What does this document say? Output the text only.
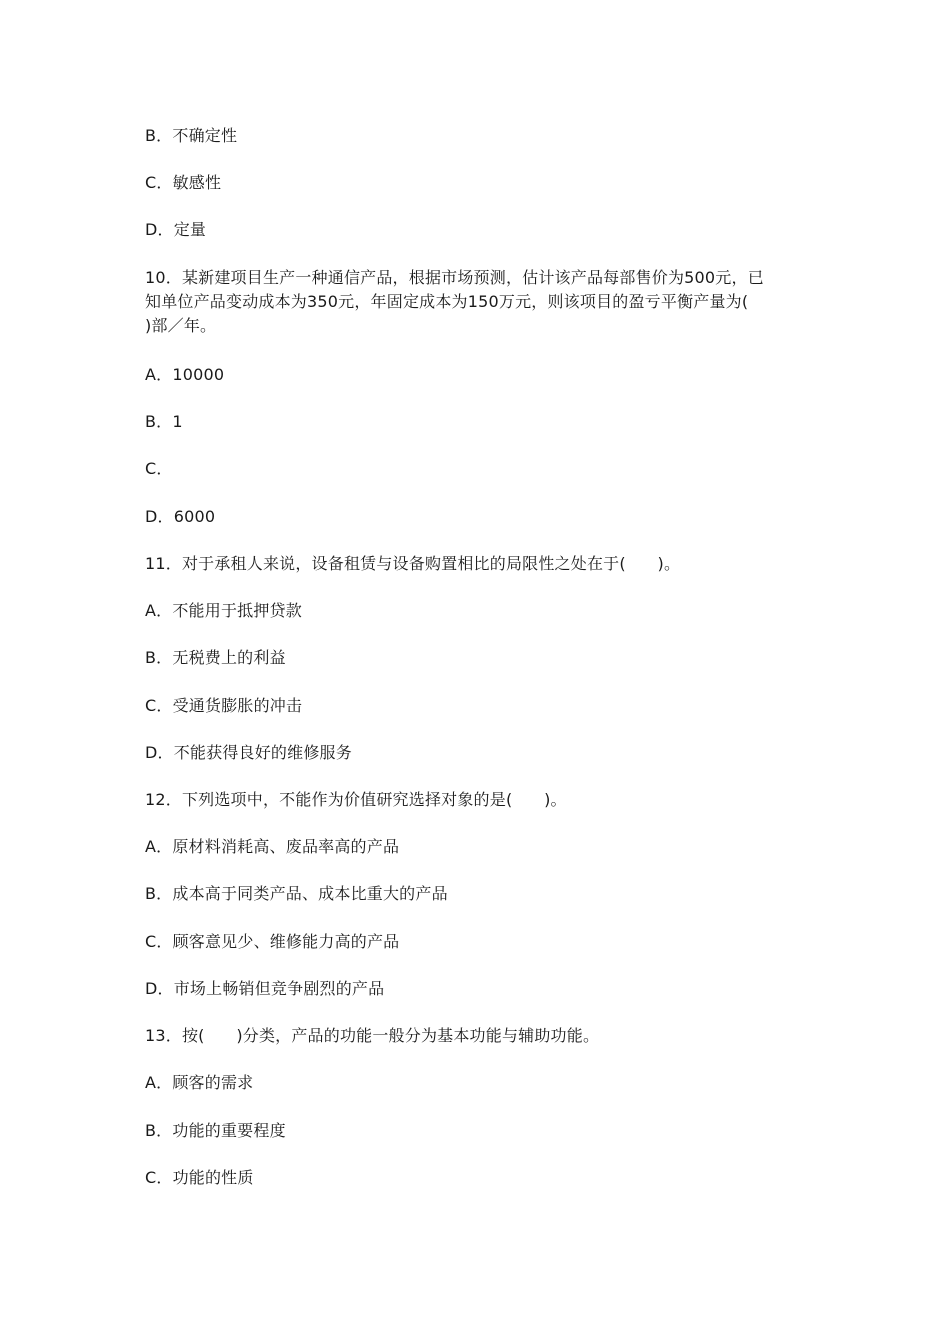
B．不确定性
C．敏感性
D．定量
10．某新建项目生产一种通信产品，根据市场预测，估计该产品每部售价为500元，已
知单位产品变动成本为350元，年固定成本为150万元，则该项目的盈亏平衡产量为(
)部／年。
A．10000
B．1
C．
D．6000
11．对于承租人来说，设备租赁与设备购置相比的局限性之处在于(      )。
A．不能用于抵押贷款
B．无税费上的利益
C．受通货膨胀的冲击
D．不能获得良好的维修服务
12．下列选项中，不能作为价值研究选择对象的是(      )。
A．原材料消耗高、废品率高的产品
B．成本高于同类产品、成本比重大的产品
C．顾客意见少、维修能力高的产品
D．市场上畅销但竞争剧烈的产品
13．按(      )分类，产品的功能一般分为基本功能与辅助功能。
A．顾客的需求
B．功能的重要程度
C．功能的性质
